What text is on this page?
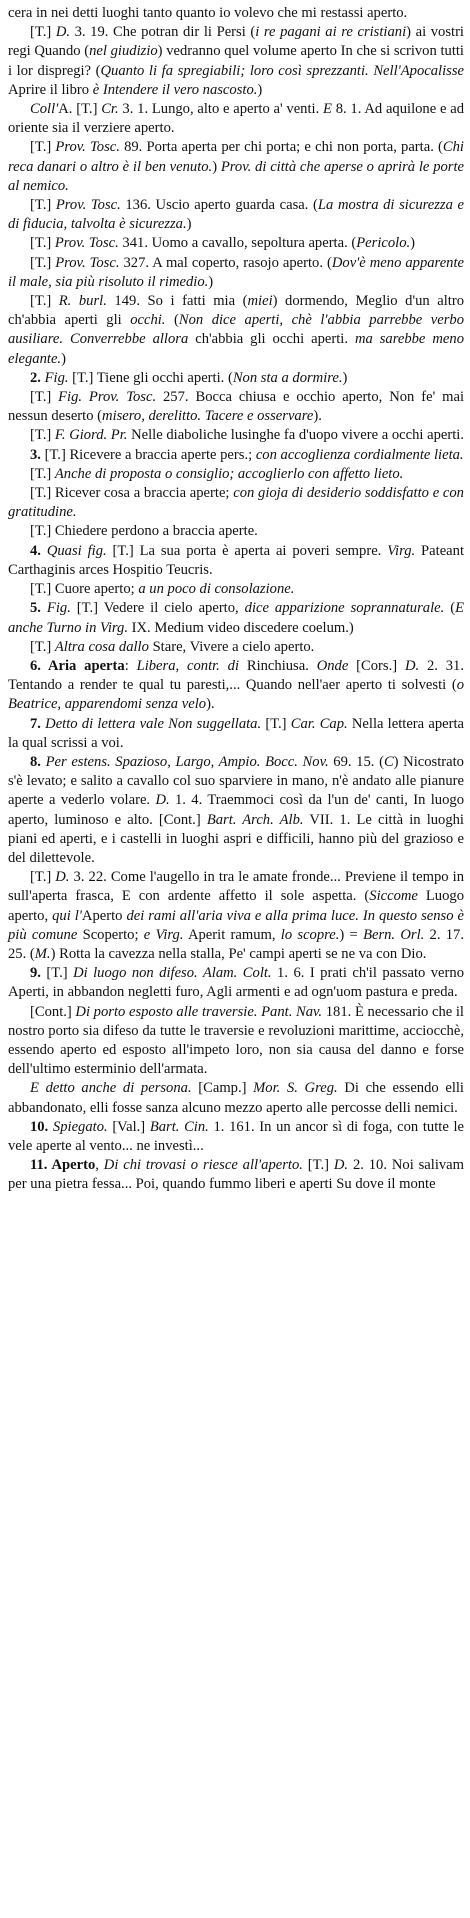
cera in nei detti luoghi tanto quanto io volevo che mi restassi aperto.

[T.] D. 3. 19. Che potran dir li Persi (i re pagani ai re cristiani) ai vostri regi Quando (nel giudizio) vedranno quel volume aperto In che si scrivon tutti i lor dispregi? (Quanto li fa spregiabili; loro così sprezzanti. Nell'Apocalisse Aprire il libro è Intendere il vero nascosto.)

Coll'A. [T.] Cr. 3. 1. Lungo, alto e aperto a' venti. E 8. 1. Ad aquilone e ad oriente sia il verziere aperto.

[T.] Prov. Tosc. 89. Porta aperta per chi porta; e chi non porta, parta. (Chi reca danari o altro è il ben venuto.) Prov. di città che aperse o aprirà le porte al nemico.

[T.] Prov. Tosc. 136. Uscio aperto guarda casa. (La mostra di sicurezza e di fiducia, talvolta è sicurezza.)

[T.] Prov. Tosc. 341. Uomo a cavallo, sepoltura aperta. (Pericolo.)

[T.] Prov. Tosc. 327. A mal coperto, rasojo aperto. (Dov'è meno apparente il male, sia più risoluto il rimedio.)

[T.] R. burl. 149. So i fatti mia (miei) dormendo, Meglio d'un altro ch'abbia aperti gli occhi. (Non dice aperti, chè l'abbia parrebbe verbo ausiliare. Converrebbe allora ch'abbia gli occhi aperti. ma sarebbe meno elegante.)

2. Fig. [T.] Tiene gli occhi aperti. (Non sta a dormire.)

[T.] Fig. Prov. Tosc. 257. Bocca chiusa e occhio aperto, Non fe' mai nessun deserto (misero, derelitto. Tacere e osservare).

[T.] F. Giord. Pr. Nelle diaboliche lusinghe fa d'uopo vivere a occhi aperti.

3. [T.] Ricevere a braccia aperte pers.; con accoglienza cordialmente lieta.

[T.] Anche di proposta o consiglio; accoglierlo con affetto lieto.

[T.] Ricever cosa a braccia aperte; con gioja di desiderio soddisfatto e con gratitudine.

[T.] Chiedere perdono a braccia aperte.

4. Quasi fig. [T.] La sua porta è aperta ai poveri sempre. Virg. Pateant Carthaginis arces Hospitio Teucris.

[T.] Cuore aperto; a un poco di consolazione.

5. Fig. [T.] Vedere il cielo aperto, dice apparizione soprannaturale. (E anche Turno in Virg. IX. Medium video discedere coelum.)

[T.] Altra cosa dallo Stare, Vivere a cielo aperto.

6. Aria aperta: Libera, contr. di Rinchiusa. Onde [Cors.] D. 2. 31. Tentando a render te qual tu paresti,... Quando nell'aer aperto ti solvesti (o Beatrice, apparendomi senza velo).

7. Detto di lettera vale Non suggellata. [T.] Car. Cap. Nella lettera aperta la qual scrissi a voi.

8. Per estens. Spazioso, Largo, Ampio. Bocc. Nov. 69. 15. (C) Nicostrato s'è levato; e salito a cavallo col suo sparviere in mano, n'è andato alle pianure aperte a vederlo volare. D. 1. 4. Traemmoci così da l'un de' canti, In luogo aperto, luminoso e alto. [Cont.] Bart. Arch. Alb. VII. 1. Le città in luoghi piani ed aperti, e i castelli in luoghi aspri e difficili, hanno più del grazioso e del dilettevole.

[T.] D. 3. 22. Come l'augello in tra le amate fronde... Previene il tempo in sull'aperta frasca, E con ardente affetto il sole aspetta. (Siccome Luogo aperto, qui l'Aperto dei rami all'aria viva e alla prima luce. In questo senso è più comune Scoperto; e Virg. Aperit ramum, lo scopre.) = Bern. Orl. 2. 17. 25. (M.) Rotta la cavezza nella stalla, Pe' campi aperti se ne va con Dio.

9. [T.] Di luogo non difeso. Alam. Colt. 1. 6. I prati ch'il passato verno Aperti, in abbandon negletti furo, Agli armenti e ad ogn'uom pastura e preda.

[Cont.] Di porto esposto alle traversie. Pant. Nav. 181. È necessario che il nostro porto sia difeso da tutte le traversie e revoluzioni marittime, acciocchè, essendo aperto ed esposto all'impeto loro, non sia causa del danno e forse dell'ultimo esterminio dell'armata.

E detto anche di persona. [Camp.] Mor. S. Greg. Di che essendo elli abbandonato, elli fosse sanza alcuno mezzo aperto alle percosse delli nemici.

10. Spiegato. [Val.] Bart. Cin. 1. 161. In un ancor sì di foga, con tutte le vele aperte al vento... ne investì...

11. Aperto, Di chi trovasi o riesce all'aperto. [T.] D. 2. 10. Noi salivam per una pietra fessa... Poi, quando fummo liberi e aperti Su dove il monte
